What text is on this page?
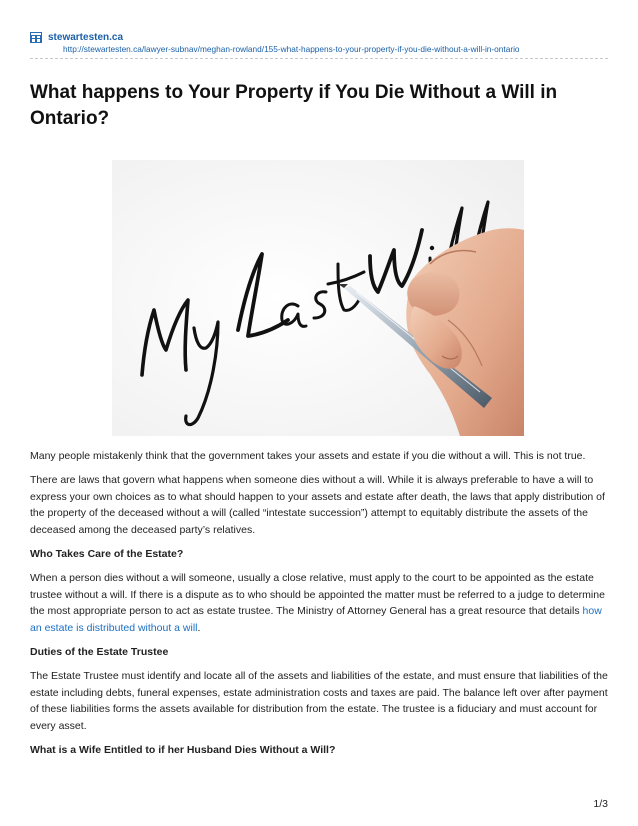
stewartesten.ca
http://stewartesten.ca/lawyer-subnav/meghan-rowland/155-what-happens-to-your-property-if-you-die-without-a-will-in-ontario
What happens to Your Property if You Die Without a Will in Ontario?

Many people mistakenly think that the government takes your assets and estate if you die without a will. This is not true.

There are laws that govern what happens when someone dies without a will. While it is always preferable to have a will to express your own choices as to what should happen to your assets and estate after death, the laws that apply distribution of the property of the deceased without a will (called “intestate succession”) attempt to equitably distribute the assets of the deceased among the deceased party’s relatives.

Who Takes Care of the Estate?

When a person dies without a will someone, usually a close relative, must apply to the court to be appointed as the estate trustee without a will. If there is a dispute as to who should be appointed the matter must be referred to a judge to determine the most appropriate person to act as estate trustee. The Ministry of Attorney General has a great resource that details how an estate is distributed without a will.

Duties of the Estate Trustee

The Estate Trustee must identify and locate all of the assets and liabilities of the estate, and must ensure that liabilities of the estate including debts, funeral expenses, estate administration costs and taxes are paid. The balance left over after payment of these liabilities forms the assets available for distribution from the estate. The trustee is a fiduciary and must account for every asset.

What is a Wife Entitled to if her Husband Dies Without a Will?

1/3
